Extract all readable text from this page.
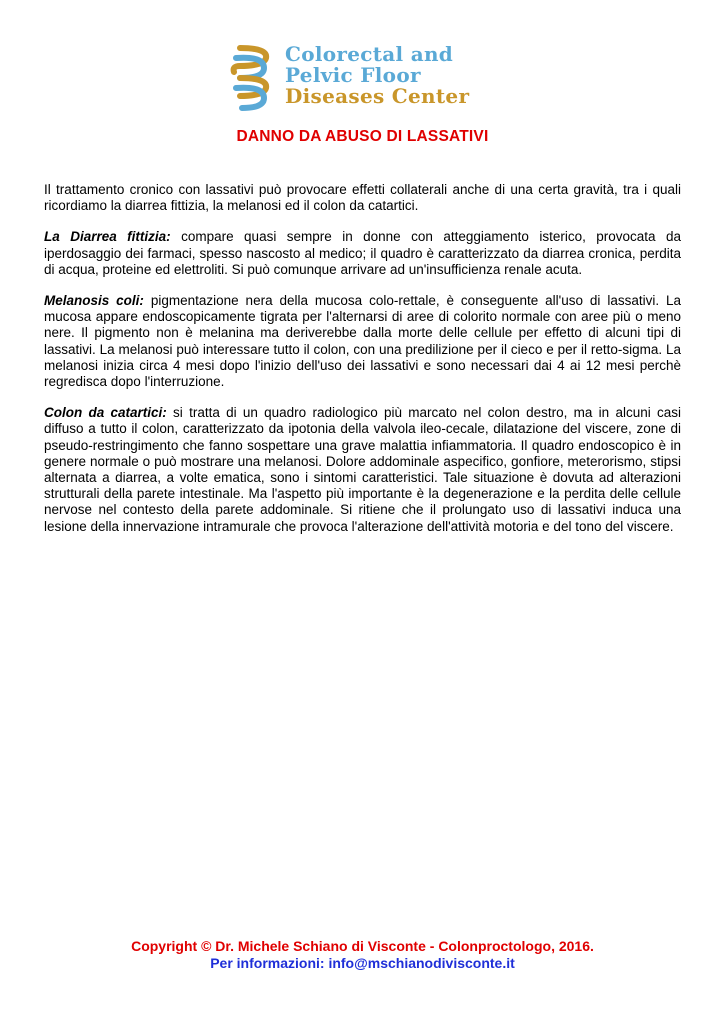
Colorectal and
Pelvic Floor
Diseases Center
DANNO DA ABUSO DI LASSATIVI

Il trattamento cronico con lassativi può provocare effetti collaterali anche di una certa gravità, tra i quali ricordiamo la diarrea fittizia, la melanosi ed il colon da catartici.

La Diarrea fittizia: compare quasi sempre in donne con atteggiamento isterico, provocata da iperdosaggio dei farmaci, spesso nascosto al medico; il quadro è caratterizzato da diarrea cronica, perdita di acqua, proteine ed elettroliti. Si può comunque arrivare ad un'insufficienza renale acuta.

Melanosis coli: pigmentazione nera della mucosa colo-rettale, è conseguente all'uso di lassativi. La mucosa appare endoscopicamente tigrata per l'alternarsi di aree di colorito normale con aree più o meno nere. Il pigmento non è melanina ma deriverebbe dalla morte delle cellule per effetto di alcuni tipi di lassativi. La melanosi può interessare tutto il colon, con una predilizione per il cieco e per il retto-sigma. La melanosi inizia circa 4 mesi dopo l'inizio dell'uso dei lassativi e sono necessari dai 4 ai 12 mesi perchè regredisca dopo l'interruzione.

Colon da catartici: si tratta di un quadro radiologico più marcato nel colon destro, ma in alcuni casi diffuso a tutto il colon, caratterizzato da ipotonia della valvola ileo-cecale, dilatazione del viscere, zone di pseudo-restringimento che fanno sospettare una grave malattia infiammatoria. Il quadro endoscopico è in genere normale o può mostrare una melanosi. Dolore addominale aspecifico, gonfiore, meterorismo, stipsi alternata a diarrea, a volte ematica, sono i sintomi caratteristici. Tale situazione è dovuta ad alterazioni strutturali della parete intestinale. Ma l'aspetto più importante è la degenerazione e la perdita delle cellule nervose nel contesto della parete addominale. Si ritiene che il prolungato uso di lassativi induca una lesione della innervazione intramurale che provoca l'alterazione dell'attività motoria e del tono del viscere.

Copyright © Dr. Michele Schiano di Visconte - Colonproctologo, 2016.
Per informazioni: info@mschianodivisconte.it
